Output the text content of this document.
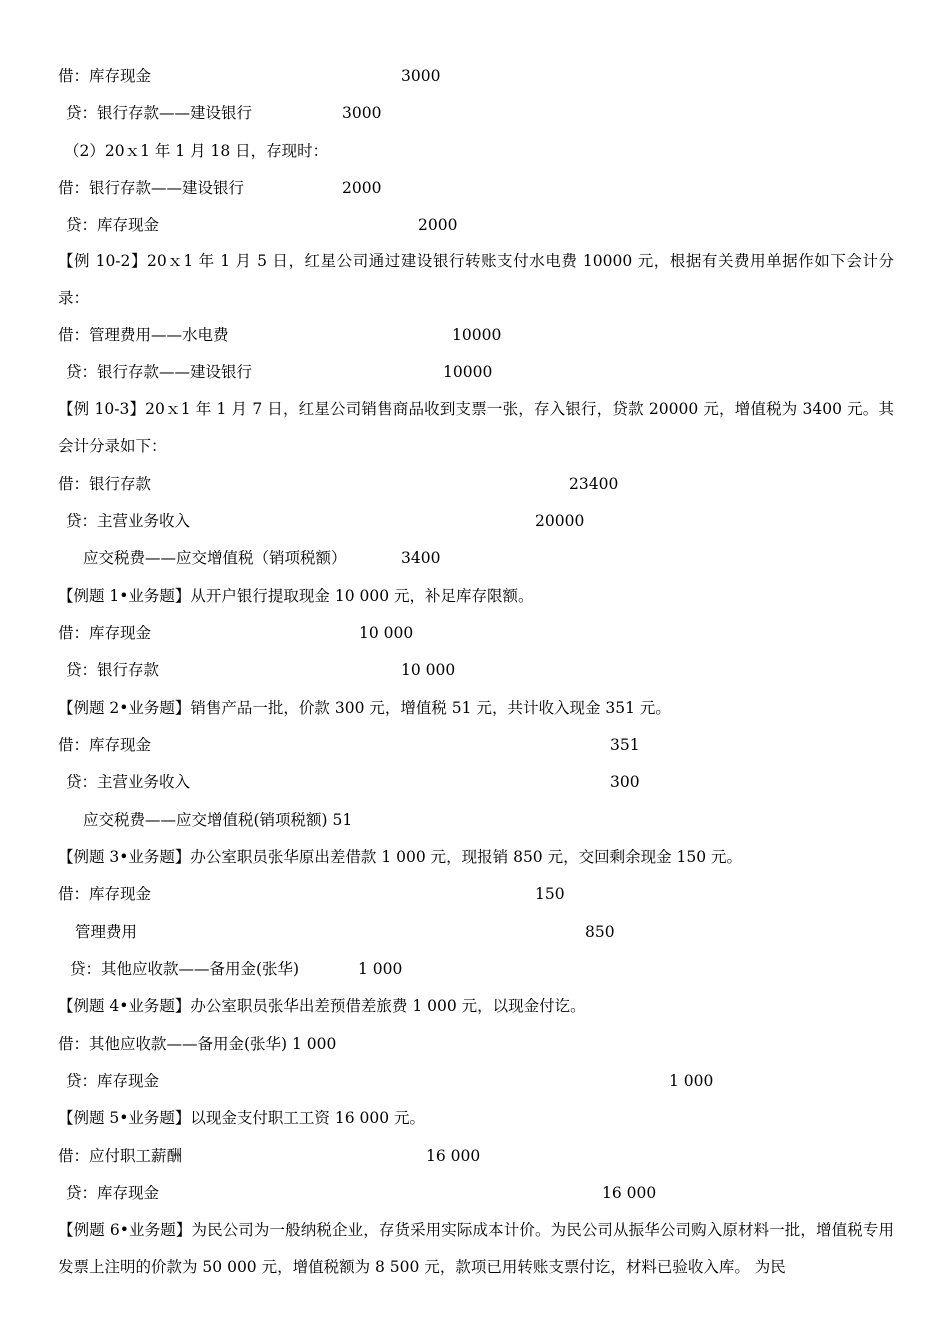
借：库存现金	3000
贷：银行存款——建设银行	3000
（2）20ｘ1 年 1 月 18 日，存现时：
借：银行存款——建设银行	2000
贷：库存现金	2000
【例 10-2】20ｘ1 年 1 月 5 日，红星公司通过建设银行转账支付水电费 10000 元，根据有关费用单据作如下会计分录：
借：管理费用——水电费	10000
贷：银行存款——建设银行	10000
【例 10-3】20ｘ1 年 1 月 7 日，红星公司销售商品收到支票一张，存入银行，贷款 20000 元，增值税为 3400 元。其会计分录如下：
借：银行存款	23400
贷：主营业务收入	20000
应交税费——应交增值税（销项税额）	3400
【例题 1•业务题】从开户银行提取现金 10 000 元，补足库存限额。
借：库存现金	10 000
贷：银行存款	10 000
【例题 2•业务题】销售产品一批，价款 300 元，增值税 51 元，共计收入现金 351 元。
借：库存现金	351
贷：主营业务收入	300
应交税费——应交增值税(销项税额) 51
【例题 3•业务题】办公室职员张华原出差借款 1 000 元，现报销 850 元，交回剩余现金 150 元。
借：库存现金	150
管理费用	850
贷：其他应收款——备用金(张华)	1 000
【例题 4•业务题】办公室职员张华出差预借差旅费 1 000 元，以现金付讫。
借：其他应收款——备用金(张华) 1 000
贷：库存现金	1 000
【例题 5•业务题】以现金支付职工工资 16 000 元。
借：应付职工薪酬	16 000
贷：库存现金	16 000
【例题 6•业务题】为民公司为一般纳税企业，存货采用实际成本计价。为民公司从振华公司购入原材料一批，增值税专用发票上注明的价款为 50 000 元，增值税额为 8 500 元，款项已用转账支票付讫，材料已验收入库。 为民
